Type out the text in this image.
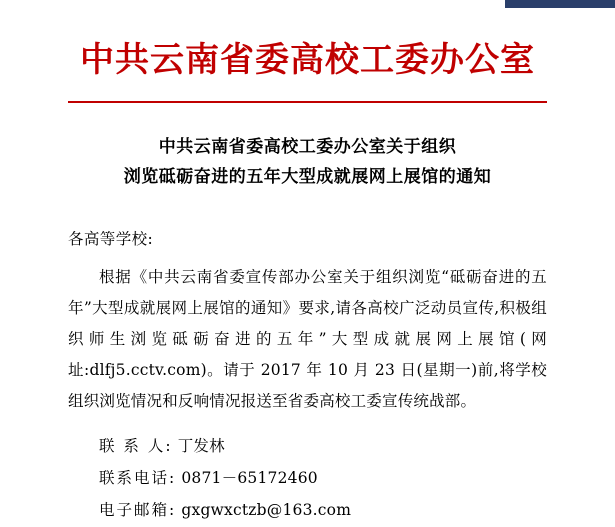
中共云南省委高校工委办公室
中共云南省委高校工委办公室关于组织
浏览砥砺奋进的五年大型成就展网上展馆的通知
各高等学校:
根据《中共云南省委宣传部办公室关于组织浏览“砥砺奋进的五年”大型成就展网上展馆的通知》要求,请各高校广泛动员宣传,积极组织师生浏览砥砺奋进的五年”大型成就展网上展馆(网址:dlfj5.cctv.com)。请于 2017 年 10 月 23 日(星期一)前,将学校组织浏览情况和反响情况报送至省委高校工委宣传统战部。
联 系 人: 丁发林
联系电话: 0871－65172460
电子邮箱: gxgwxctzb@163.com
